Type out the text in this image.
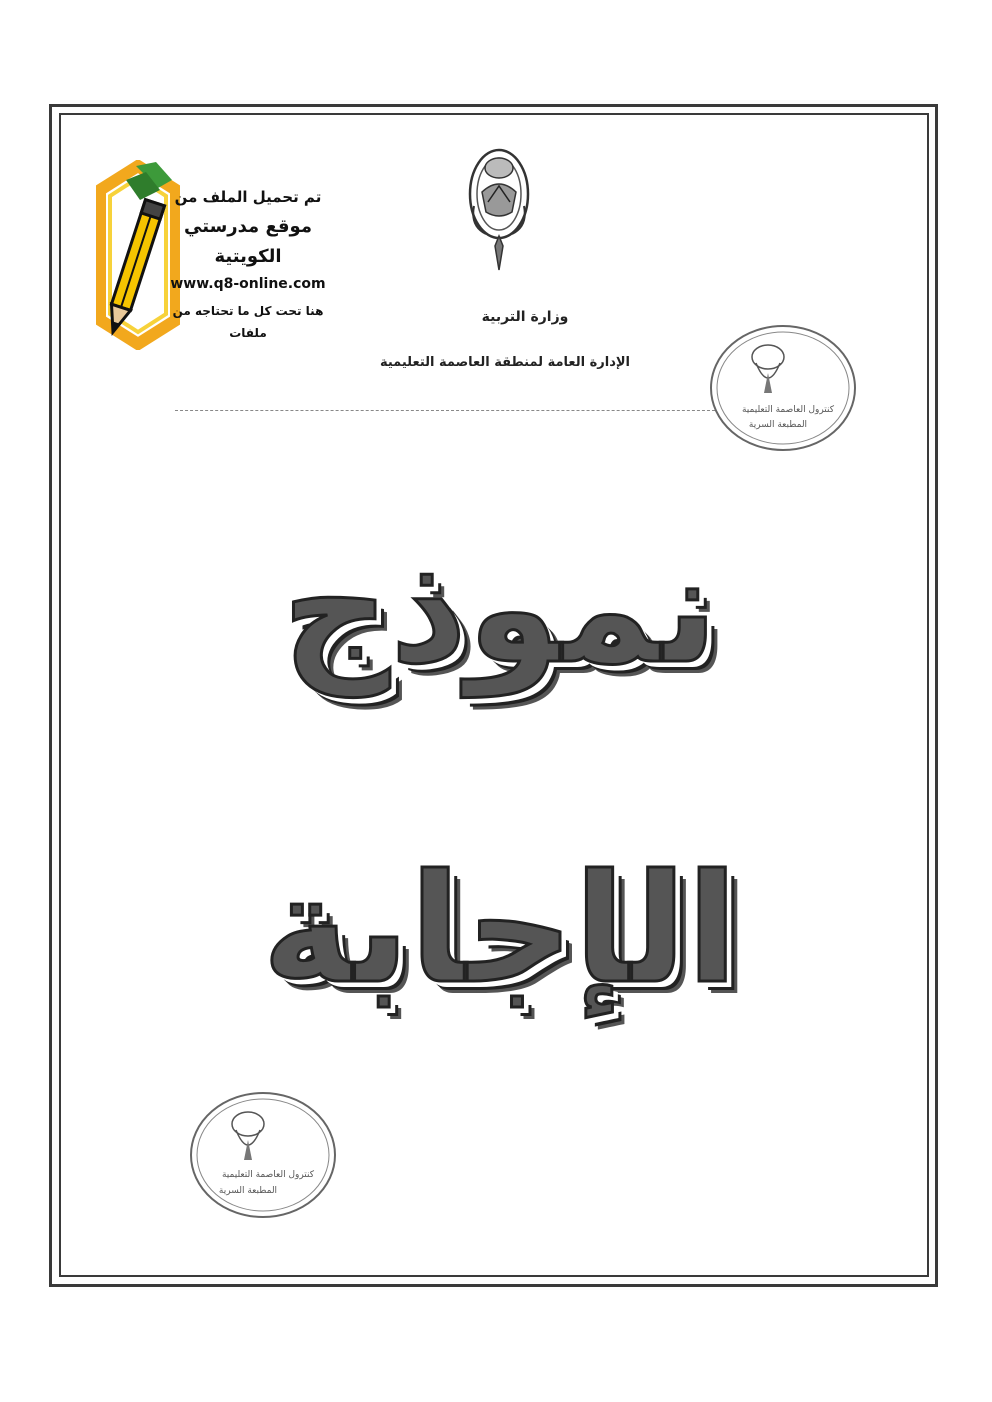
تم تحميل الملف من
موقع مدرستي الكويتية
www.q8-online.com
هنا تحت كل ما تحتاجه من ملفات
وزارة التربية
الإدارة العامة لمنطقة العاصمة التعليمية
كنترول العاصمة التعليمية
المطبعة السرية
كنترول العاصمة التعليمية
المطبعة السرية
نموذج
الإجابة
